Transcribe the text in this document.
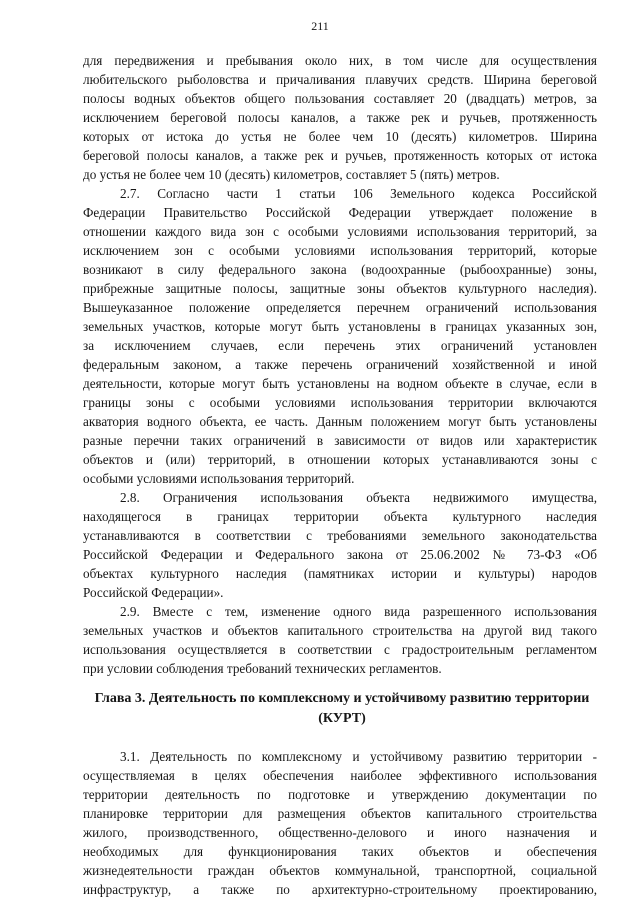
211
для передвижения и пребывания около них, в том числе для осуществления
любительского рыболовства и причаливания плавучих средств. Ширина береговой
полосы водных объектов общего пользования составляет 20 (двадцать) метров, за
исключением береговой полосы каналов, а также рек и ручьев, протяженность
которых от истока до устья не более чем 10 (десять) километров. Ширина
береговой полосы каналов, а также рек и ручьев, протяженность которых от истока
до устья не более чем 10 (десять) километров, составляет 5 (пять) метров.
2.7. Согласно части 1 статьи 106 Земельного кодекса Российской
Федерации Правительство Российской Федерации утверждает положение в
отношении каждого вида зон с особыми условиями использования территорий, за
исключением зон с особыми условиями использования территорий, которые
возникают в силу федерального закона (водоохранные (рыбоохранные) зоны,
прибрежные защитные полосы, защитные зоны объектов культурного наследия).
Вышеуказанное положение определяется перечнем ограничений использования
земельных участков, которые могут быть установлены в границах указанных зон,
за исключением случаев, если перечень этих ограничений установлен
федеральным законом, а также перечень ограничений хозяйственной и иной
деятельности, которые могут быть установлены на водном объекте в случае, если в
границы зоны с особыми условиями использования территории включаются
акватория водного объекта, ее часть. Данным положением могут быть установлены
разные перечни таких ограничений в зависимости от видов или характеристик
объектов и (или) территорий, в отношении которых устанавливаются зоны с
особыми условиями использования территорий.
2.8. Ограничения использования объекта недвижимого имущества,
находящегося в границах территории объекта культурного наследия
устанавливаются в соответствии с требованиями земельного законодательства
Российской Федерации и Федерального закона от 25.06.2002 № 73-ФЗ «Об
объектах культурного наследия (памятниках истории и культуры) народов
Российской Федерации».
2.9. Вместе с тем, изменение одного вида разрешенного использования
земельных участков и объектов капитального строительства на другой вид такого
использования осуществляется в соответствии с градостроительным регламентом
при условии соблюдения требований технических регламентов.
Глава 3. Деятельность по комплексному и устойчивому развитию территории
(КУРТ)
3.1. Деятельность по комплексному и устойчивому развитию территории -
осуществляемая в целях обеспечения наиболее эффективного использования
территории деятельность по подготовке и утверждению документации по
планировке территории для размещения объектов капитального строительства
жилого, производственного, общественно-делового и иного назначения и
необходимых для функционирования таких объектов и обеспечения
жизнедеятельности граждан объектов коммунальной, транспортной, социальной
инфраструктур, а также по архитектурно-строительному проектированию,
